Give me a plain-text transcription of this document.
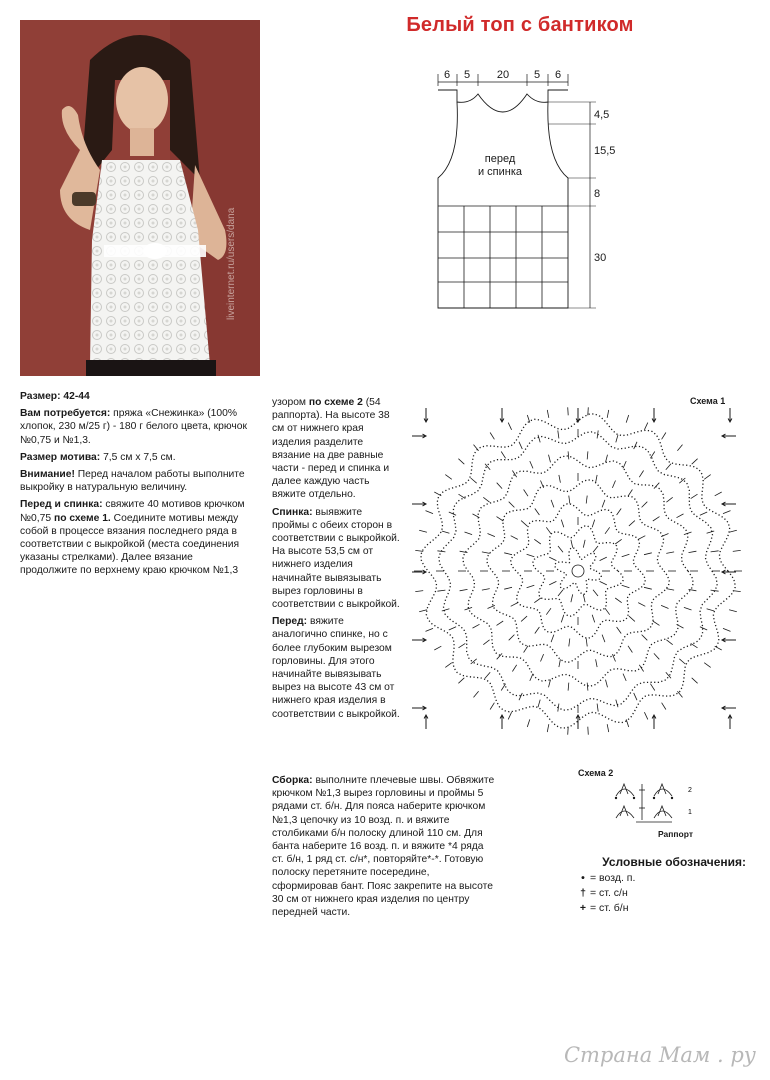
liveinternet.ru/users/dana
Белый топ с бантиком
6 5 20 5 6
перед
и спинка
4,5
15,5
8
30

Размер: 42-44

Вам потребуется: пряжа «Снежинка» (100% хлопок, 230 м/25 г) - 180 г белого цвета, крючок №0,75 и №1,3.

Размер мотива: 7,5 см х 7,5 см.

Внимание! Перед началом работы выполните выкройку в натуральную величину.

Перед и спинка: свяжите 40 мотивов крючком №0,75 по схеме 1. Соедините мотивы между собой в процессе вязания последнего ряда в соответствии с выкройкой (места соединения указаны стрелками). Далее вязание продолжите по верхнему краю крючком №1,3

узором по схеме 2 (54 раппорта). На высоте 38 см от нижнего края изделия разделите вязание на две равные части - перед и спинка и далее каждую часть вяжите отдельно.

Спинка: выявжите проймы с обеих сторон в соответствии с выкройкой. На высоте 53,5 см от нижнего изделия начинайте вывязывать вырез горловины в соответствии с выкройкой.

Перед: вяжите аналогично спинке, но с более глубоким вырезом горловины. Для этого начинайте вывязывать вырез на высоте 43 см от нижнего края изделия в соответствии с выкройкой.

Сборка: выполните плечевые швы. Обвяжите крючком №1,3 вырез горловины и проймы 5 рядами ст. б/н. Для пояса наберите крючком №1,3 цепочку из 10 возд. п. и вяжите столбиками б/н полоску длиной 110 см. Для банта наберите 16 возд. п. и вяжите *4 ряда ст. б/н, 1 ряд ст. с/н*, повторяйте*-*. Готовую полоску перетяните посередине, сформировав бант. Пояс закрепите на высоте 30 см от нижнего края изделия по центру передней части.

Схема 1
Схема 2
2
1
Раппорт
Условные обозначения:
• = возд. п.
† = ст. с/н
+ = ст. б/н
Страна Мам . ру
